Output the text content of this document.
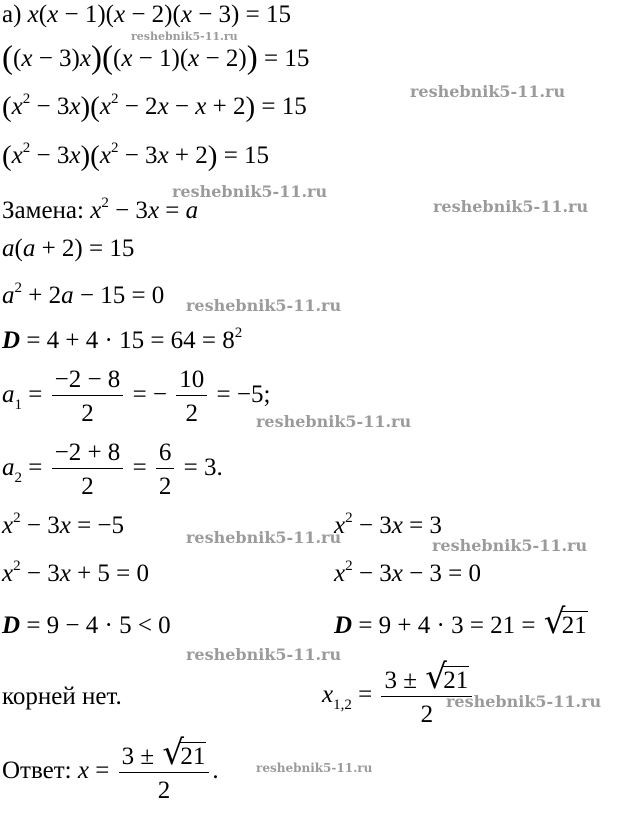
а) x(x − 1)(x − 2)(x − 3) = 15
((x − 3)x)((x − 1)(x − 2)) = 15
$(x^2 - 3x)(x^2 - 2x - x + 2) = 15$
$(x^2 - 3x)(x^2 - 3x + 2) = 15$
Замена: $x^2 - 3x = a$
a(a + 2) = 15
$a^2 + 2a - 15 = 0$
$D = 4 + 4 \cdot 15 = 64 = 8^2$
$a_1 = \frac{-2 - 8}{2}$ = − $\frac{10}{2} = -5$;
$a_2 = \frac{-2 + 8}{2} = \frac{6}{2} = 3$.
$x^2 - 3x = -5$
$x^2 - 3x + 5 = 0$
D = 9 − 4 · 5 < 0
корней нет.
$x^2 - 3x = 3$
$x^2 - 3x - 3 = 0$
D = 9 + 4 · 3 = 21 = √
21
$x_{1,2} = 3$ ± √
21
2
Ответ: x = 3 ± √
21
2 .
reshebnik5-11.ru
reshebnik5-11.ru
reshebnik5-11.ru
reshebnik5-11.ru
reshebnik5-11.ru
reshebnik5-11.ru
reshebnik5-11.ru	reshebnik5-11.ru
reshebnik5-11.ru
reshebnik5-11.ru
reshebnik5-11.ru
